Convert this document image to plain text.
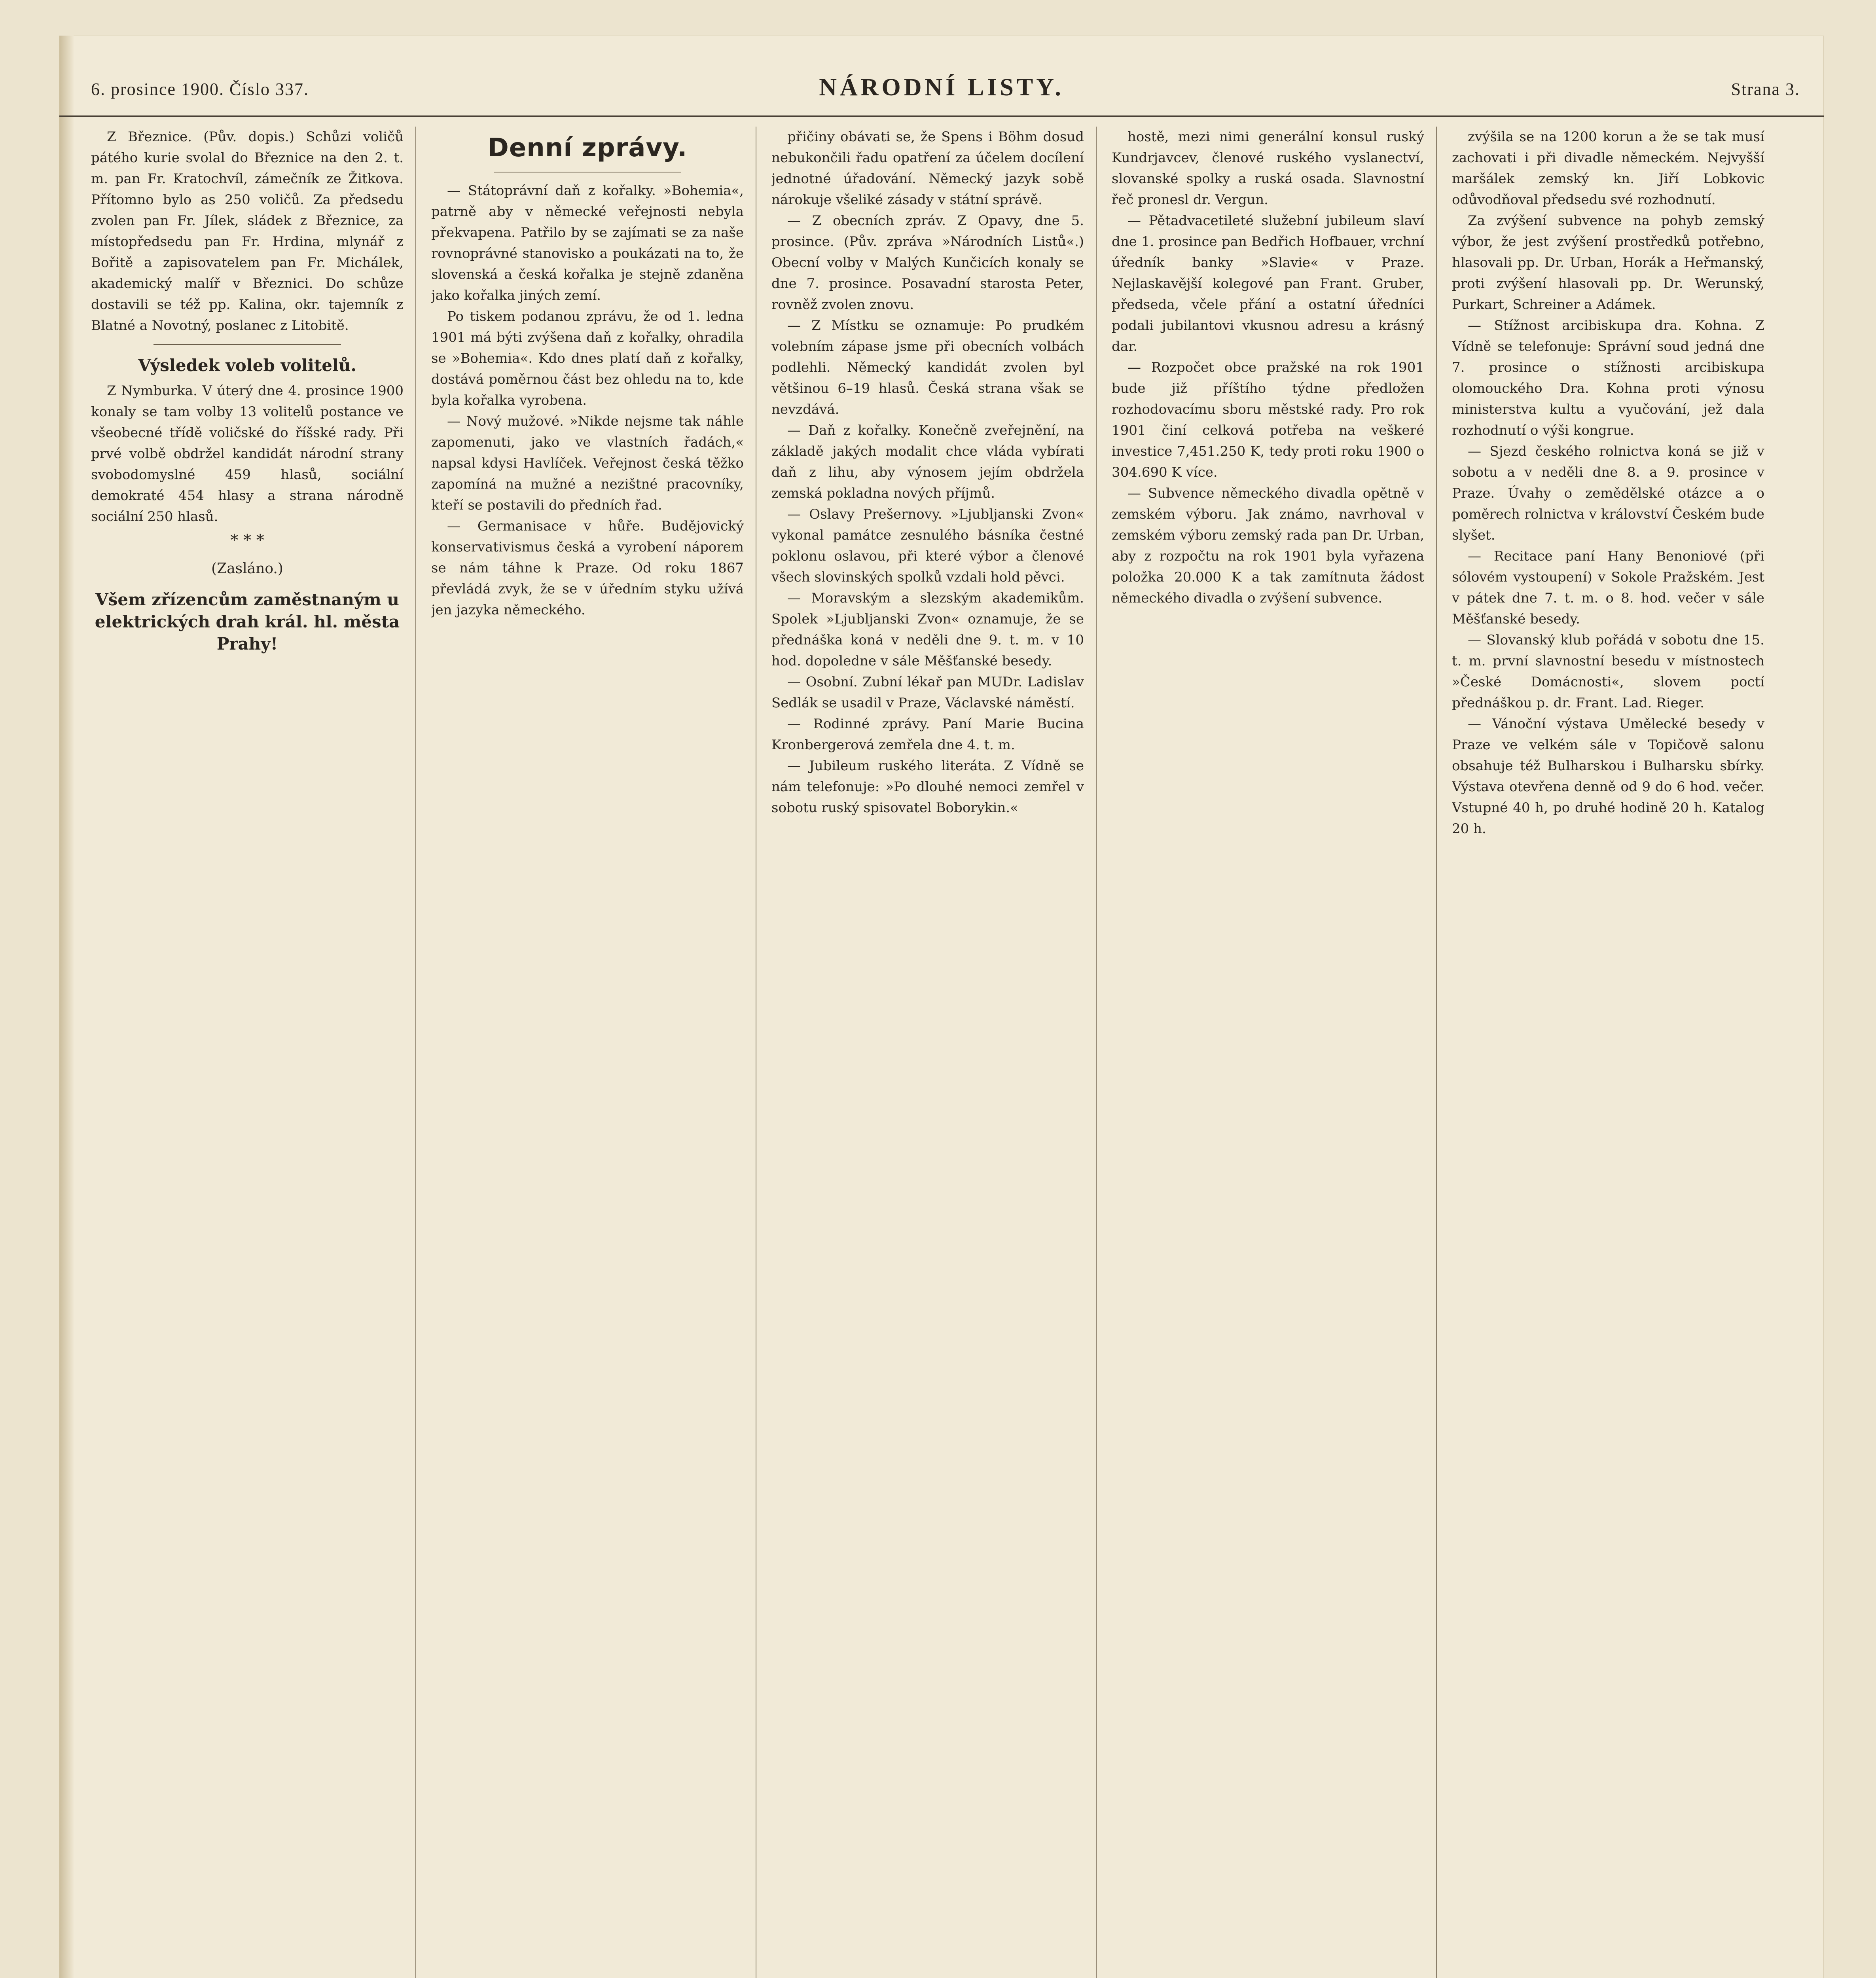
6. prosince 1900. Číslo 337.	NÁRODNÍ LISTY.	Strana 3.

Z Březnice. (Pův. dopis.) Schůzi voličů pátého kurie svolal do Březnice na den 2. t. m. pan Fr. Kratochvíl, zámečník ze Žitkova. Přítomno bylo as 250 voličů. Za předsedu zvolen pan Fr. Jílek, sládek z Březnice, za místopředsedu pan Fr. Hrdina, mlynář z Bořitě a zapisovatelem pan Fr. Michálek, akademický malíř v Březnici. Do schůze dostavili se též pp. Kalina, okr. tajemník z Blatné a Novotný, poslanec z Litobitě.

Výsledek voleb volitelů.

Z Nymburka. V úterý dne 4. prosince 1900 konaly se tam volby 13 volitelů postance ve všeobecné třídě voličské do říšské rady. Při prvé volbě obdržel kandidát národní strany svobodomyslné 459 hlasů, sociální demokraté 454 hlasy a strana národně sociální 250 hlasů.

* * *
(Zasláno.)
Všem zřízencům zaměstnaným u elektrických drah král. hl. města Prahy!
Denní zprávy.

— Státoprávní daň z kořalky. »Bohemia«, patrně aby v německé veřejnosti nebyla překvapena. Patřilo by se zajímati se za naše rovnoprávné stanovisko a poukázati na to, že slovenská a česká kořalka je stejně zdaněna jako kořalka jiných zemí.

Po tiskem podanou zprávu, že od 1. ledna 1901 má býti zvýšena daň z kořalky, ohradila se »Bohemia«. Kdo dnes platí daň z kořalky, dostává poměrnou část bez ohledu na to, kde byla kořalka vyrobena.

— Nový mužové. »Nikde nejsme tak náhle zapomenuti, jako ve vlastních řadách,« napsal kdysi Havlíček. Veřejnost česká těžko zapomíná na mužné a nezištné pracovníky, kteří se postavili do předních řad.

— Germanisace v hůře. Budějovický konservativismus česká a vyrobení náporem se nám táhne k Praze. Od roku 1867 převládá zvyk, že se v úředním styku užívá jen jazyka německého.

přičiny obávati se, že Spens i Böhm dosud nebukončili řadu opatření za účelem docílení jednotné úřadování. Německý jazyk sobě nárokuje všeliké zásady v státní správě.

— Z obecních zpráv. Z Opavy, dne 5. prosince. (Pův. zpráva »Národních Listů«.) Obecní volby v Malých Kunčicích konaly se dne 7. prosince. Posavadní starosta Peter, rovněž zvolen znovu.

— Z Místku se oznamuje: Po prudkém volebním zápase jsme při obecních volbách podlehli. Německý kandidát zvolen byl většinou 6–19 hlasů. Česká strana však se nevzdává.

— Daň z kořalky. Konečně zveřejnění, na základě jakých modalit chce vláda vybírati daň z lihu, aby výnosem jejím obdržela zemská pokladna nových příjmů.

— Oslavy Prešernovy. »Ljubljanski Zvon« vykonal památce zesnulého básníka čestné poklonu oslavou, při které výbor a členové všech slovinských spolků vzdali hold pěvci.

— Moravským a slezským akademikům. Spolek »Ljubljanski Zvon« oznamuje, že se přednáška koná v neděli dne 9. t. m. v 10 hod. dopoledne v sále Měšťanské besedy.

— Osobní. Zubní lékař pan MUDr. Ladislav Sedlák se usadil v Praze, Václavské náměstí.

— Rodinné zprávy. Paní Marie Bucina Kronbergerová zemřela dne 4. t. m.

— Jubileum ruského literáta. Z Vídně se nám telefonuje: »Po dlouhé nemoci zemřel v sobotu ruský spisovatel Boborykin.«

hostě, mezi nimi generální konsul ruský Kundrjavcev, členové ruského vyslanectví, slovanské spolky a ruská osada. Slavnostní řeč pronesl dr. Vergun.

— Pětadvacetileté služební jubileum slaví dne 1. prosince pan Bedřich Hofbauer, vrchní úředník banky »Slavie« v Praze. Nejlaskavější kolegové pan Frant. Gruber, předseda, včele přání a ostatní úředníci podali jubilantovi vkusnou adresu a krásný dar.

— Rozpočet obce pražské na rok 1901 bude již příštího týdne předložen rozhodovacímu sboru městské rady. Pro rok 1901 činí celková potřeba na veškeré investice 7,451.250 K, tedy proti roku 1900 o 304.690 K více.

— Subvence německého divadla opětně v zemském výboru. Jak známo, navrhoval v zemském výboru zemský rada pan Dr. Urban, aby z rozpočtu na rok 1901 byla vyřazena položka 20.000 K a tak zamítnuta žádost německého divadla o zvýšení subvence.

zvýšila se na 1200 korun a že se tak musí zachovati i při divadle německém. Nejvyšší maršálek zemský kn. Jiří Lobkovic odůvodňoval předsedu své rozhodnutí.

Za zvýšení subvence na pohyb zemský výbor, že jest zvýšení prostředků potřebno, hlasovali pp. Dr. Urban, Horák a Heřmanský, proti zvýšení hlasovali pp. Dr. Werunský, Purkart, Schreiner a Adámek.

— Stížnost arcibiskupa dra. Kohna. Z Vídně se telefonuje: Správní soud jedná dne 7. prosince o stížnosti arcibiskupa olomouckého Dra. Kohna proti výnosu ministerstva kultu a vyučování, jež dala rozhodnutí o výši kongrue.

— Sjezd českého rolnictva koná se již v sobotu a v neděli dne 8. a 9. prosince v Praze. Úvahy o zemědělské otázce a o poměrech rolnictva v království Českém bude slyšet.

— Recitace paní Hany Benoniové (při sólovém vystoupení) v Sokole Pražském. Jest v pátek dne 7. t. m. o 8. hod. večer v sále Měšťanské besedy.

— Slovanský klub pořádá v sobotu dne 15. t. m. první slavnostní besedu v místnostech »České Domácnosti«, slovem poctí přednáškou p. dr. Frant. Lad. Rieger.

— Vánoční výstava Umělecké besedy v Praze ve velkém sále v Topičově salonu obsahuje též Bulharskou i Bulharsku sbírky. Výstava otevřena denně od 9 do 6 hod. večer. Vstupné 40 h, po druhé hodině 20 h. Katalog 20 h.
